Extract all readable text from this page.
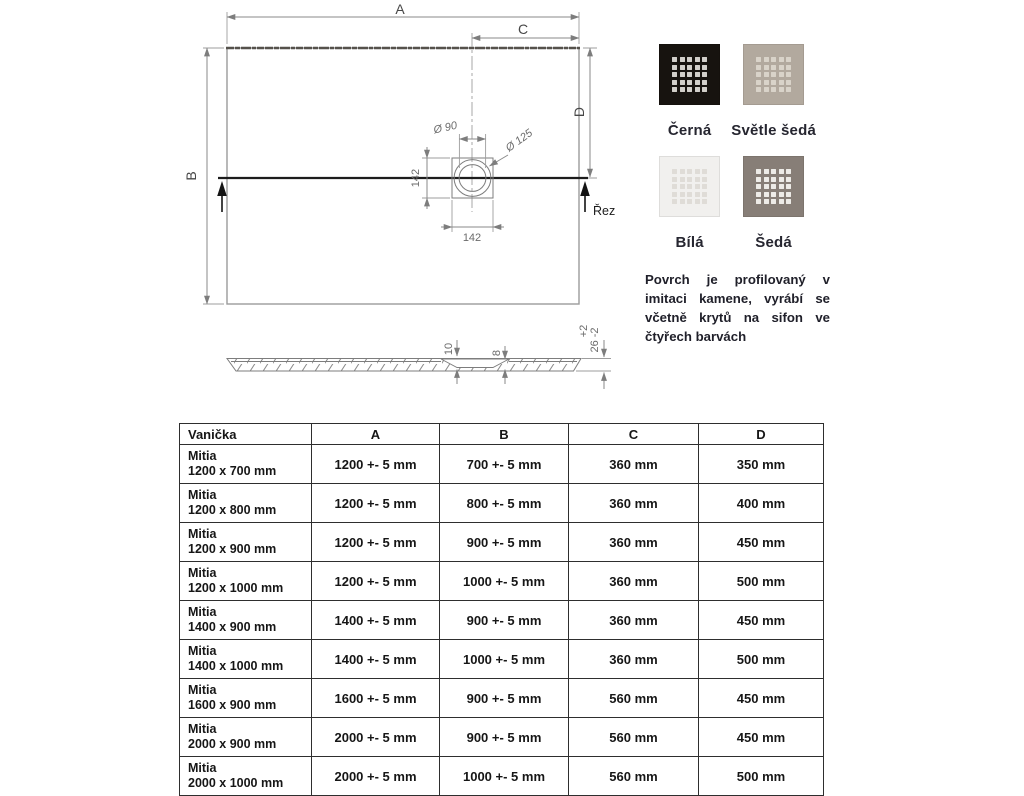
A
C
B
D
Řez
Ø 90	Ø 125
142
142
10	8
+2 26 -2
Černá Světle šedá
Bílá	Šedá
Povrch je profilovaný v imitaci kamene, vyrábí se včetně krytů na sifon ve čtyřech barvách
Vanička	A	B	C	D

Mitia
1200 x 700 mm	1200 +- 5 mm	700 +- 5 mm	360 mm	350 mm

Mitia
1200 x 800 mm	1200 +- 5 mm	800 +- 5 mm	360 mm	400 mm

Mitia
1200 x 900 mm	1200 +- 5 mm	900 +- 5 mm	360 mm	450 mm

Mitia
1200 x 1000 mm	1200 +- 5 mm	1000 +- 5 mm	360 mm	500 mm

Mitia
1400 x 900 mm	1400 +- 5 mm	900 +- 5 mm	360 mm	450 mm

Mitia
1400 x 1000 mm	1400 +- 5 mm	1000 +- 5 mm	360 mm	500 mm

Mitia
1600 x 900 mm	1600 +- 5 mm	900 +- 5 mm	560 mm	450 mm

Mitia
2000 x 900 mm	2000 +- 5 mm	900 +- 5 mm	560 mm	450 mm

Mitia
2000 x 1000 mm	2000 +- 5 mm	1000 +- 5 mm	560 mm	500 mm
